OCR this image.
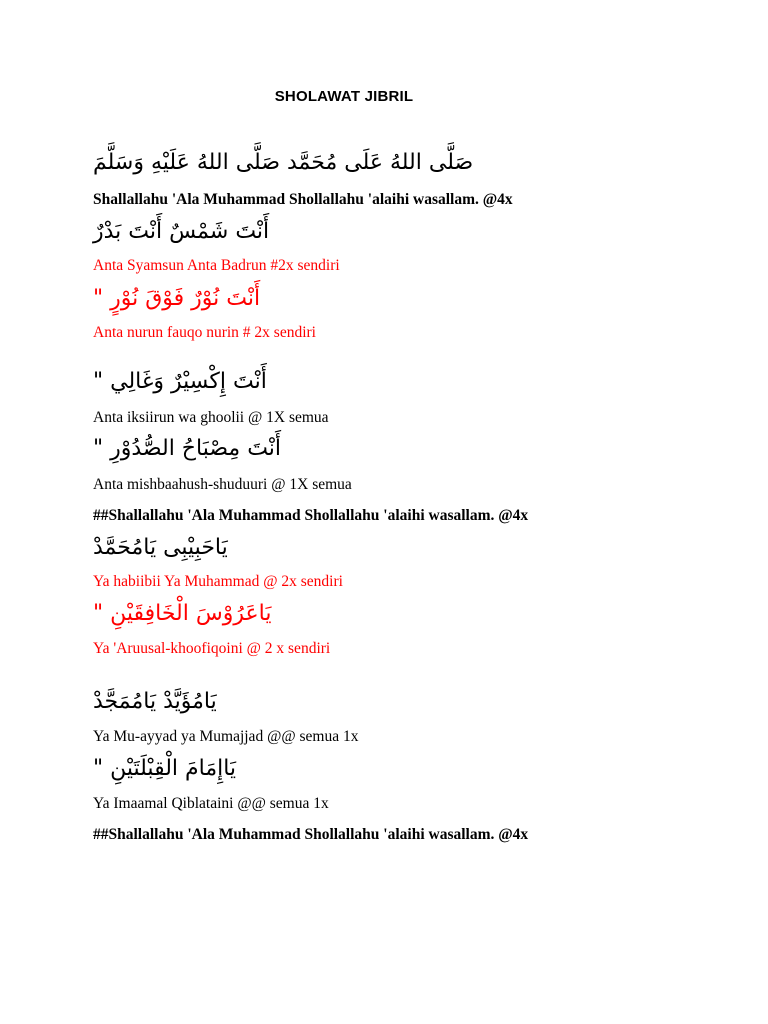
SHOLAWAT JIBRIL
صَلَّى اللهُ عَلَى مُحَمَّد صَلَّى اللهُ عَلَيْهِ وَسَلَّمَ
Shallallahu 'Ala Muhammad Shollallahu 'alaihi wasallam. @4x
أَنْتَ شَمْسٌ أَنْتَ بَدْرٌ
Anta Syamsun Anta Badrun #2x sendiri
" أَنْتَ نُوْرٌ فَوْقَ نُوْرٍ
Anta nurun fauqo nurin # 2x sendiri
" أَنْتَ إِكْسِيْرٌ وَغَالِي
Anta iksiirun wa ghoolii @ 1X semua
" أَنْتَ مِصْبَاحُ الصُّدُوْرِ
Anta mishbaahush-shuduuri @ 1X semua
##Shallallahu 'Ala Muhammad Shollallahu 'alaihi wasallam. @4x
يَاحَبِيْبِى يَامُحَمَّدْ
Ya habiibii Ya Muhammad @ 2x sendiri
" يَاعَرُوْسَ الْخَافِقَيْنِ
Ya 'Aruusal-khoofiqoini @ 2 x sendiri
يَامُؤَيَّدْ يَامُمَجَّدْ
Ya Mu-ayyad ya Mumajjad @@ semua 1x
" يَاإِمَامَ الْقِبْلَتَيْنِ
Ya Imaamal Qiblataini @@ semua 1x
##Shallallahu 'Ala Muhammad Shollallahu 'alaihi wasallam. @4x
